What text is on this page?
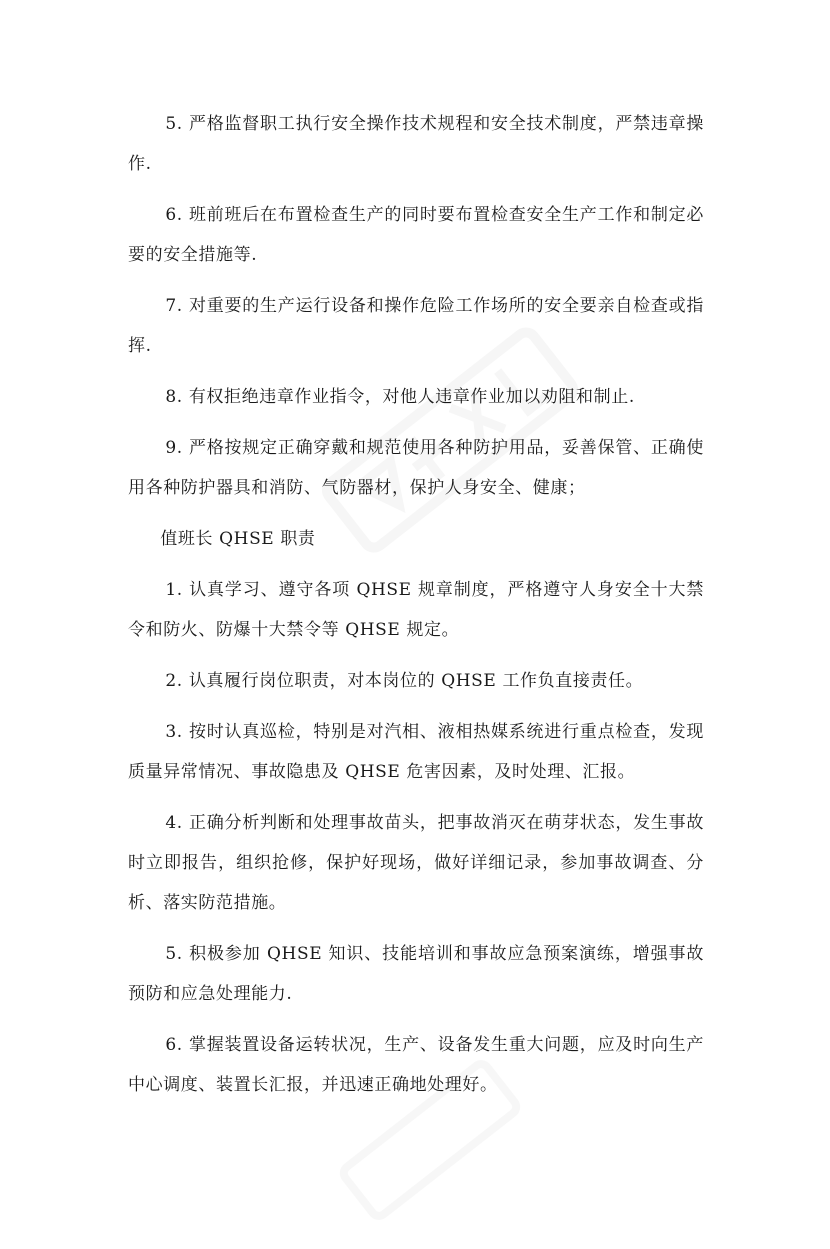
5. 严格监督职工执行安全操作技术规程和安全技术制度，严禁违章操作.

6. 班前班后在布置检查生产的同时要布置检查安全生产工作和制定必要的安全措施等.

7. 对重要的生产运行设备和操作危险工作场所的安全要亲自检查或指挥.

8. 有权拒绝违章作业指令，对他人违章作业加以劝阻和制止.

9. 严格按规定正确穿戴和规范使用各种防护用品，妥善保管、正确使用各种防护器具和消防、气防器材，保护人身安全、健康；

值班长 QHSE 职责

1. 认真学习、遵守各项 QHSE 规章制度，严格遵守人身安全十大禁令和防火、防爆十大禁令等 QHSE 规定。

2. 认真履行岗位职责，对本岗位的 QHSE 工作负直接责任。

3. 按时认真巡检，特别是对汽相、液相热媒系统进行重点检查，发现质量异常情况、事故隐患及 QHSE 危害因素，及时处理、汇报。

4. 正确分析判断和处理事故苗头，把事故消灭在萌芽状态，发生事故时立即报告，组织抢修，保护好现场，做好详细记录，参加事故调查、分析、落实防范措施。

5. 积极参加 QHSE 知识、技能培训和事故应急预案演练，增强事故预防和应急处理能力.

6. 掌握装置设备运转状况，生产、设备发生重大问题，应及时向生产中心调度、装置长汇报，并迅速正确地处理好。
